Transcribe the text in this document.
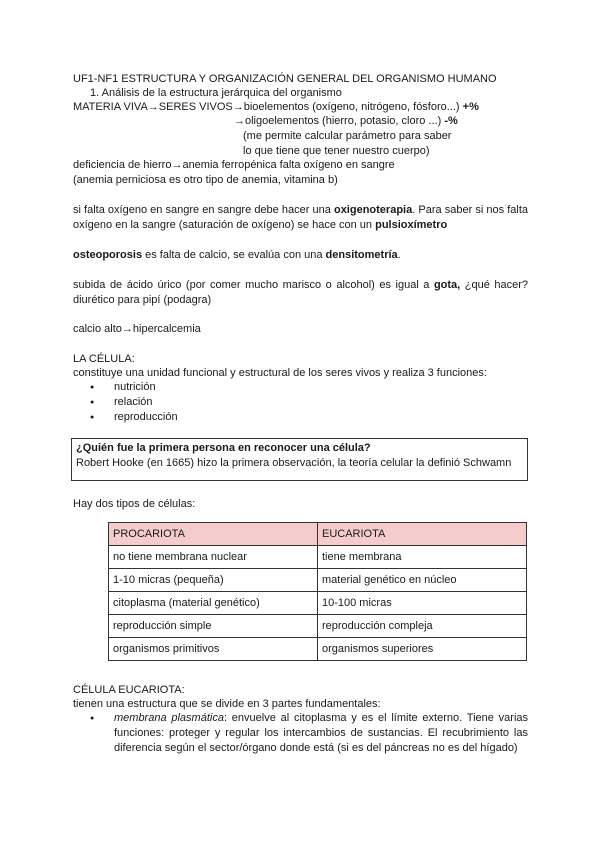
UF1-NF1 ESTRUCTURA Y ORGANIZACIÓN GENERAL DEL ORGANISMO HUMANO
1. Análisis de la estructura jerárquica del organismo
MATERIA VIVA→SERES VIVOS→bioelementos (oxígeno, nitrógeno, fósforo...) +%
→oligoelementos (hierro, potasio, cloro ...) -%
(me permite calcular parámetro para saber
lo que tiene que tener nuestro cuerpo)
deficiencia de hierro→anemia ferropénica falta oxígeno en sangre
(anemia perniciosa es otro tipo de anemia, vitamina b)
si falta oxígeno en sangre en sangre debe hacer una oxigenoterapia. Para saber si nos falta oxígeno en la sangre (saturación de oxígeno) se hace con un pulsioxímetro
osteoporosis es falta de calcio, se evalúa con una densitometría.
subida de ácido úrico (por comer mucho marisco o alcohol) es igual a gota, ¿qué hacer? diurético para pipí (podagra)
calcio alto→hipercalcemia
LA CÉLULA:
constituye una unidad funcional y estructural de los seres vivos y realiza 3 funciones:
● nutrición
● relación
● reproducción
¿Quién fue la primera persona en reconocer una célula?
Robert Hooke (en 1665) hizo la primera observación, la teoría celular la definió Schwamn
Hay dos tipos de células:
PROCARIOTA	EUCARIOTA
no tiene membrana nuclear	tiene membrana
1-10 micras (pequeña)	material genético en núcleo
citoplasma (material genético)	10-100 micras
reproducción simple	reproducción compleja
organismos primitivos	organismos superiores
CÉLULA EUCARIOTA:
tienen una estructura que se divide en 3 partes fundamentales:
● membrana plasmática: envuelve al citoplasma y es el límite externo. Tiene varias funciones: proteger y regular los intercambios de sustancias. El recubrimiento las diferencia según el sector/órgano donde está (si es del páncreas no es del hígado)
